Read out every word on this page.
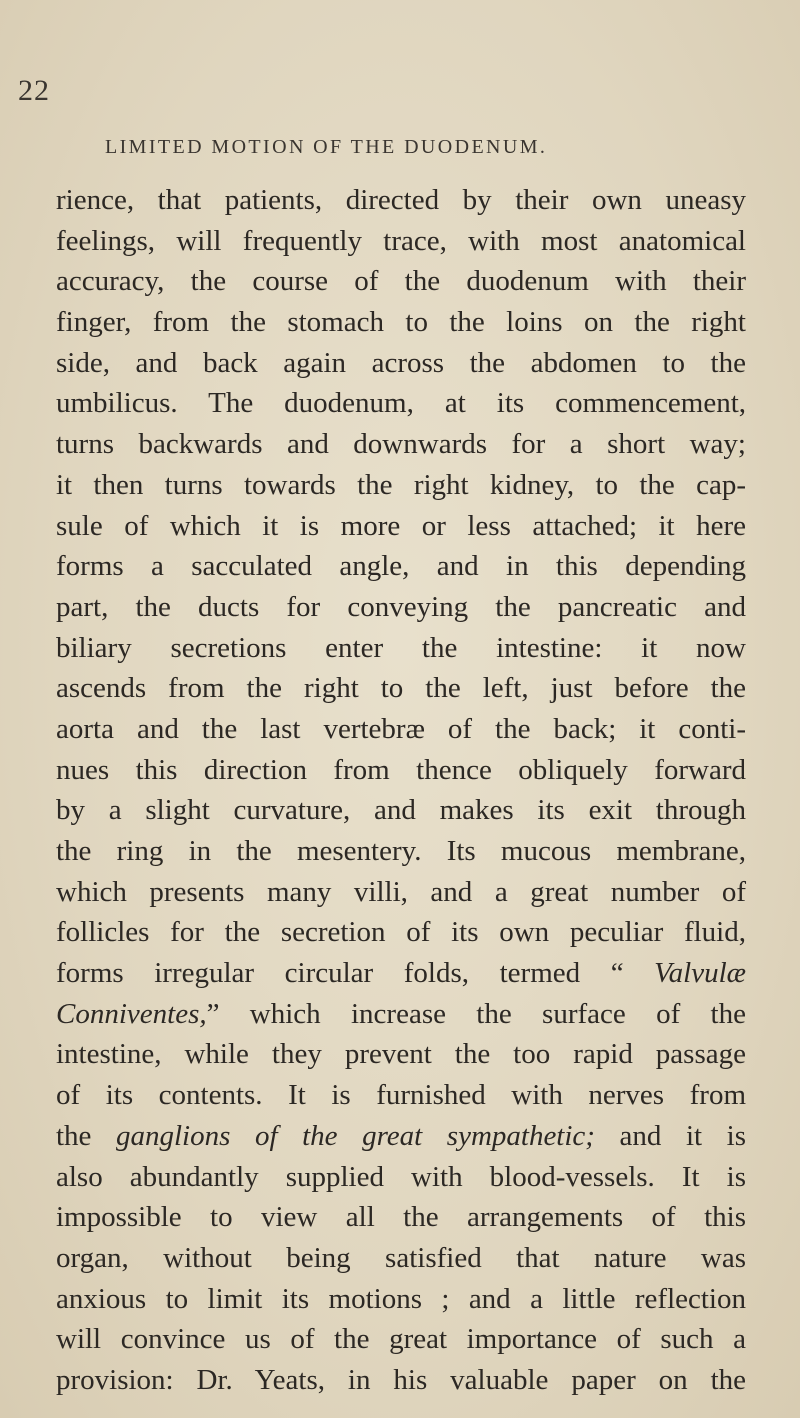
22
LIMITED MOTION OF THE DUODENUM.
rience, that patients, directed by their own uneasy
feelings, will frequently trace, with most anatomical
accuracy, the course of the duodenum with their
finger, from the stomach to the loins on the right
side, and back again across the abdomen to the
umbilicus. The duodenum, at its commencement,
turns backwards and downwards for a short way;
it then turns towards the right kidney, to the cap-
sule of which it is more or less attached; it here
forms a sacculated angle, and in this depending
part, the ducts for conveying the pancreatic and
biliary secretions enter the intestine: it now
ascends from the right to the left, just before the
aorta and the last vertebræ of the back; it conti-
nues this direction from thence obliquely forward
by a slight curvature, and makes its exit through
the ring in the mesentery. Its mucous membrane,
which presents many villi, and a great number of
follicles for the secretion of its own peculiar fluid,
forms irregular circular folds, termed “ Valvulæ
Conniventes,” which increase the surface of the
intestine, while they prevent the too rapid passage
of its contents. It is furnished with nerves from
the ganglions of the great sympathetic; and it is
also abundantly supplied with blood-vessels. It is
impossible to view all the arrangements of this
organ, without being satisfied that nature was
anxious to limit its motions ; and a little reflection
will convince us of the great importance of such a
provision: Dr. Yeats, in his valuable paper on the
